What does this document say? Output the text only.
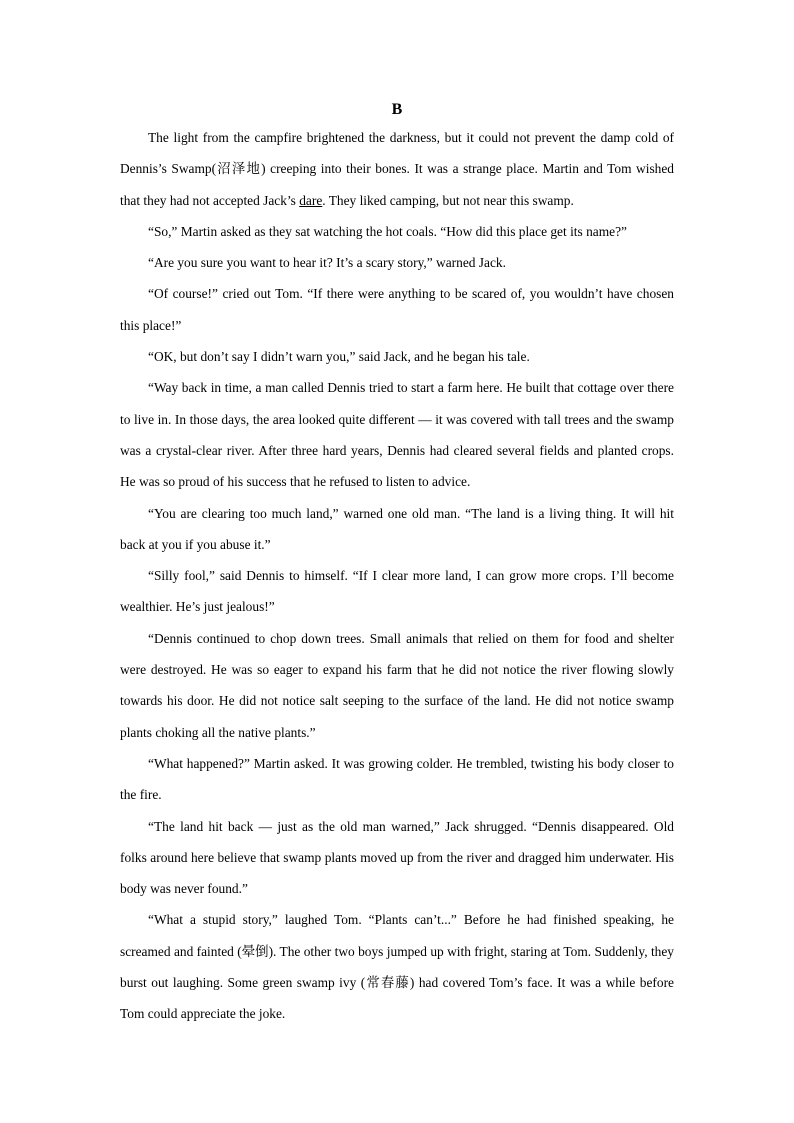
B

The light from the campfire brightened the darkness, but it could not prevent the damp cold of Dennis’s Swamp(沼泽地) creeping into their bones. It was a strange place. Martin and Tom wished that they had not accepted Jack’s dare. They liked camping, but not near this swamp.

“So,” Martin asked as they sat watching the hot coals. “How did this place get its name?”

“Are you sure you want to hear it? It’s a scary story,” warned Jack.

“Of course!” cried out Tom. “If there were anything to be scared of, you wouldn’t have chosen this place!”

“OK, but don’t say I didn’t warn you,” said Jack, and he began his tale.

“Way back in time, a man called Dennis tried to start a farm here. He built that cottage over there to live in. In those days, the area looked quite different — it was covered with tall trees and the swamp was a crystal-clear river. After three hard years, Dennis had cleared several fields and planted crops. He was so proud of his success that he refused to listen to advice.

“You are clearing too much land,” warned one old man. “The land is a living thing. It will hit back at you if you abuse it.”

“Silly fool,” said Dennis to himself. “If I clear more land, I can grow more crops. I’ll become wealthier. He’s just jealous!”

“Dennis continued to chop down trees. Small animals that relied on them for food and shelter were destroyed. He was so eager to expand his farm that he did not notice the river flowing slowly towards his door. He did not notice salt seeping to the surface of the land. He did not notice swamp plants choking all the native plants.”

“What happened?” Martin asked. It was growing colder. He trembled, twisting his body closer to the fire.

“The land hit back — just as the old man warned,” Jack shrugged. “Dennis disappeared. Old folks around here believe that swamp plants moved up from the river and dragged him underwater. His body was never found.”

“What a stupid story,” laughed Tom. “Plants can’t...” Before he had finished speaking, he screamed and fainted (晕倒). The other two boys jumped up with fright, staring at Tom. Suddenly, they burst out laughing. Some green swamp ivy (常春藤) had covered Tom’s face. It was a while before Tom could appreciate the joke.
